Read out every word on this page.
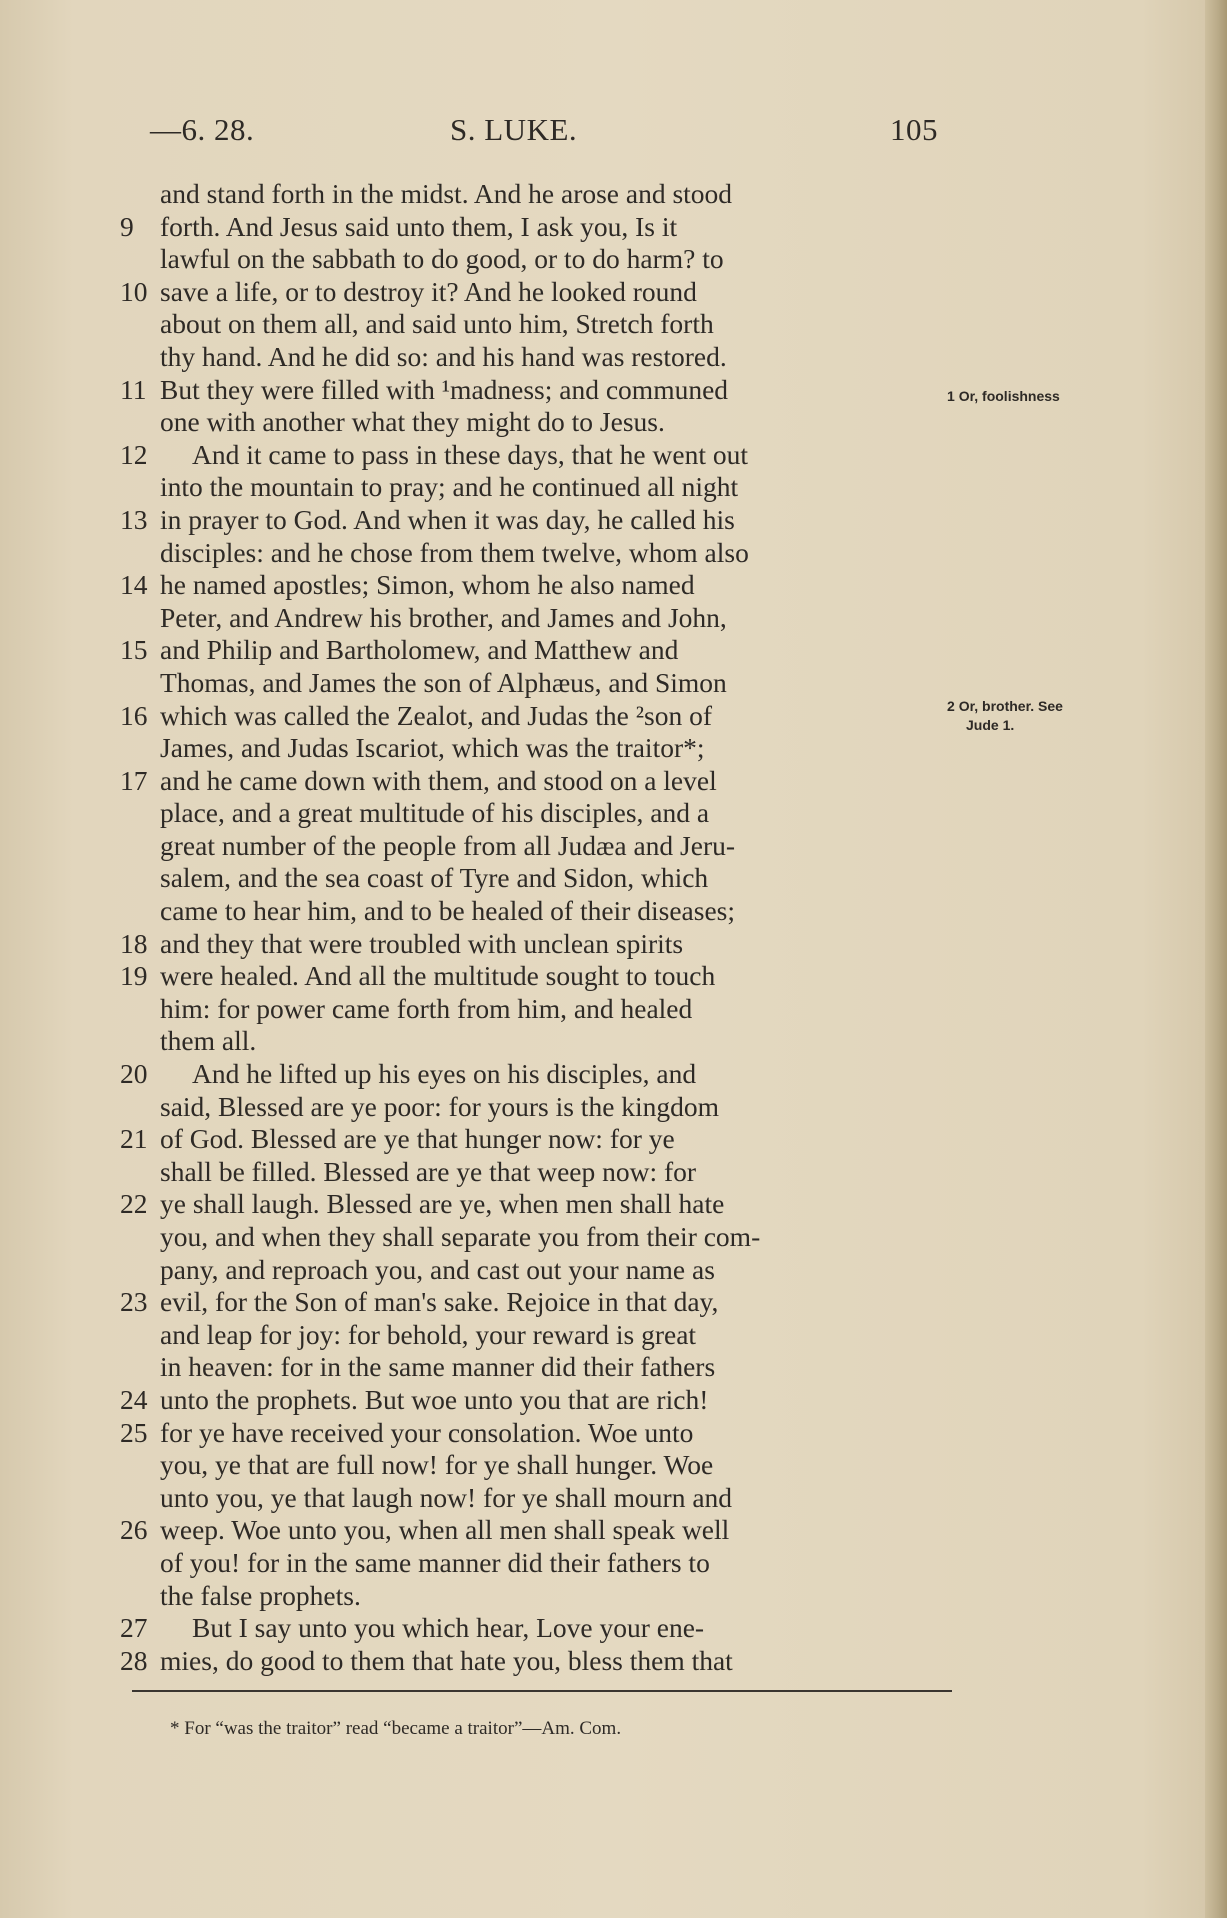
—6. 28.	S. LUKE.	105
and stand forth in the midst. And he arose and stood
9 forth. And Jesus said unto them, I ask you, Is it
lawful on the sabbath to do good, or to do harm? to
10 save a life, or to destroy it? And he looked round
about on them all, and said unto him, Stretch forth
thy hand. And he did so: and his hand was restored.
11 But they were filled with ¹madness; and communed
one with another what they might do to Jesus.
12	And it came to pass in these days, that he went out
into the mountain to pray; and he continued all night
13 in prayer to God. And when it was day, he called his
disciples: and he chose from them twelve, whom also
14 he named apostles; Simon, whom he also named
Peter, and Andrew his brother, and James and John,
15 and Philip and Bartholomew, and Matthew and
Thomas, and James the son of Alphæus, and Simon
16 which was called the Zealot, and Judas the ²son of
James, and Judas Iscariot, which was the traitor*;
17 and he came down with them, and stood on a level
place, and a great multitude of his disciples, and a
great number of the people from all Judæa and Jeru-
salem, and the sea coast of Tyre and Sidon, which
came to hear him, and to be healed of their diseases;
18 and they that were troubled with unclean spirits
19 were healed. And all the multitude sought to touch
him: for power came forth from him, and healed
them all.
20	And he lifted up his eyes on his disciples, and
said, Blessed are ye poor: for yours is the kingdom
21 of God. Blessed are ye that hunger now: for ye
shall be filled. Blessed are ye that weep now: for
22 ye shall laugh. Blessed are ye, when men shall hate
you, and when they shall separate you from their com-
pany, and reproach you, and cast out your name as
23 evil, for the Son of man's sake. Rejoice in that day,
and leap for joy: for behold, your reward is great
in heaven: for in the same manner did their fathers
24 unto the prophets. But woe unto you that are rich!
25 for ye have received your consolation. Woe unto
you, ye that are full now! for ye shall hunger. Woe
unto you, ye that laugh now! for ye shall mourn and
26 weep. Woe unto you, when all men shall speak well
of you! for in the same manner did their fathers to
the false prophets.
27	But I say unto you which hear, Love your ene-
28 mies, do good to them that hate you, bless them that
1 Or, foolishness
2 Or, brother. See
Jude 1.
* For “was the traitor” read “became a traitor”—Am. Com.
